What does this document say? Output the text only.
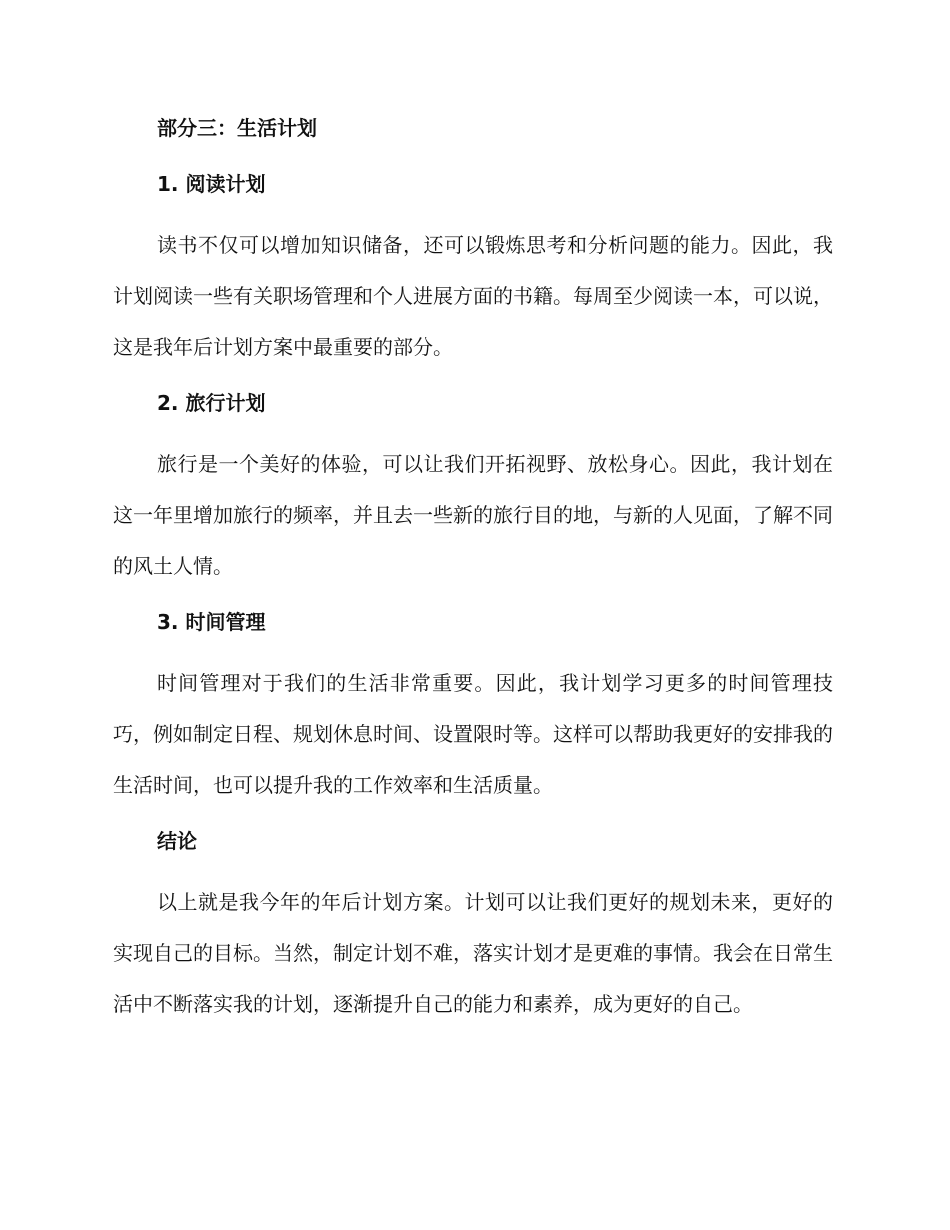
部分三：生活计划
1. 阅读计划

读书不仅可以增加知识储备，还可以锻炼思考和分析问题的能力。因此，我计划阅读一些有关职场管理和个人进展方面的书籍。每周至少阅读一本，可以说，这是我年后计划方案中最重要的部分。

2. 旅行计划

旅行是一个美好的体验，可以让我们开拓视野、放松身心。因此，我计划在这一年里增加旅行的频率，并且去一些新的旅行目的地，与新的人见面，了解不同的风土人情。

3. 时间管理

时间管理对于我们的生活非常重要。因此，我计划学习更多的时间管理技巧，例如制定日程、规划休息时间、设置限时等。这样可以帮助我更好的安排我的生活时间，也可以提升我的工作效率和生活质量。

结论

以上就是我今年的年后计划方案。计划可以让我们更好的规划未来，更好的实现自己的目标。当然，制定计划不难，落实计划才是更难的事情。我会在日常生活中不断落实我的计划，逐渐提升自己的能力和素养，成为更好的自己。
